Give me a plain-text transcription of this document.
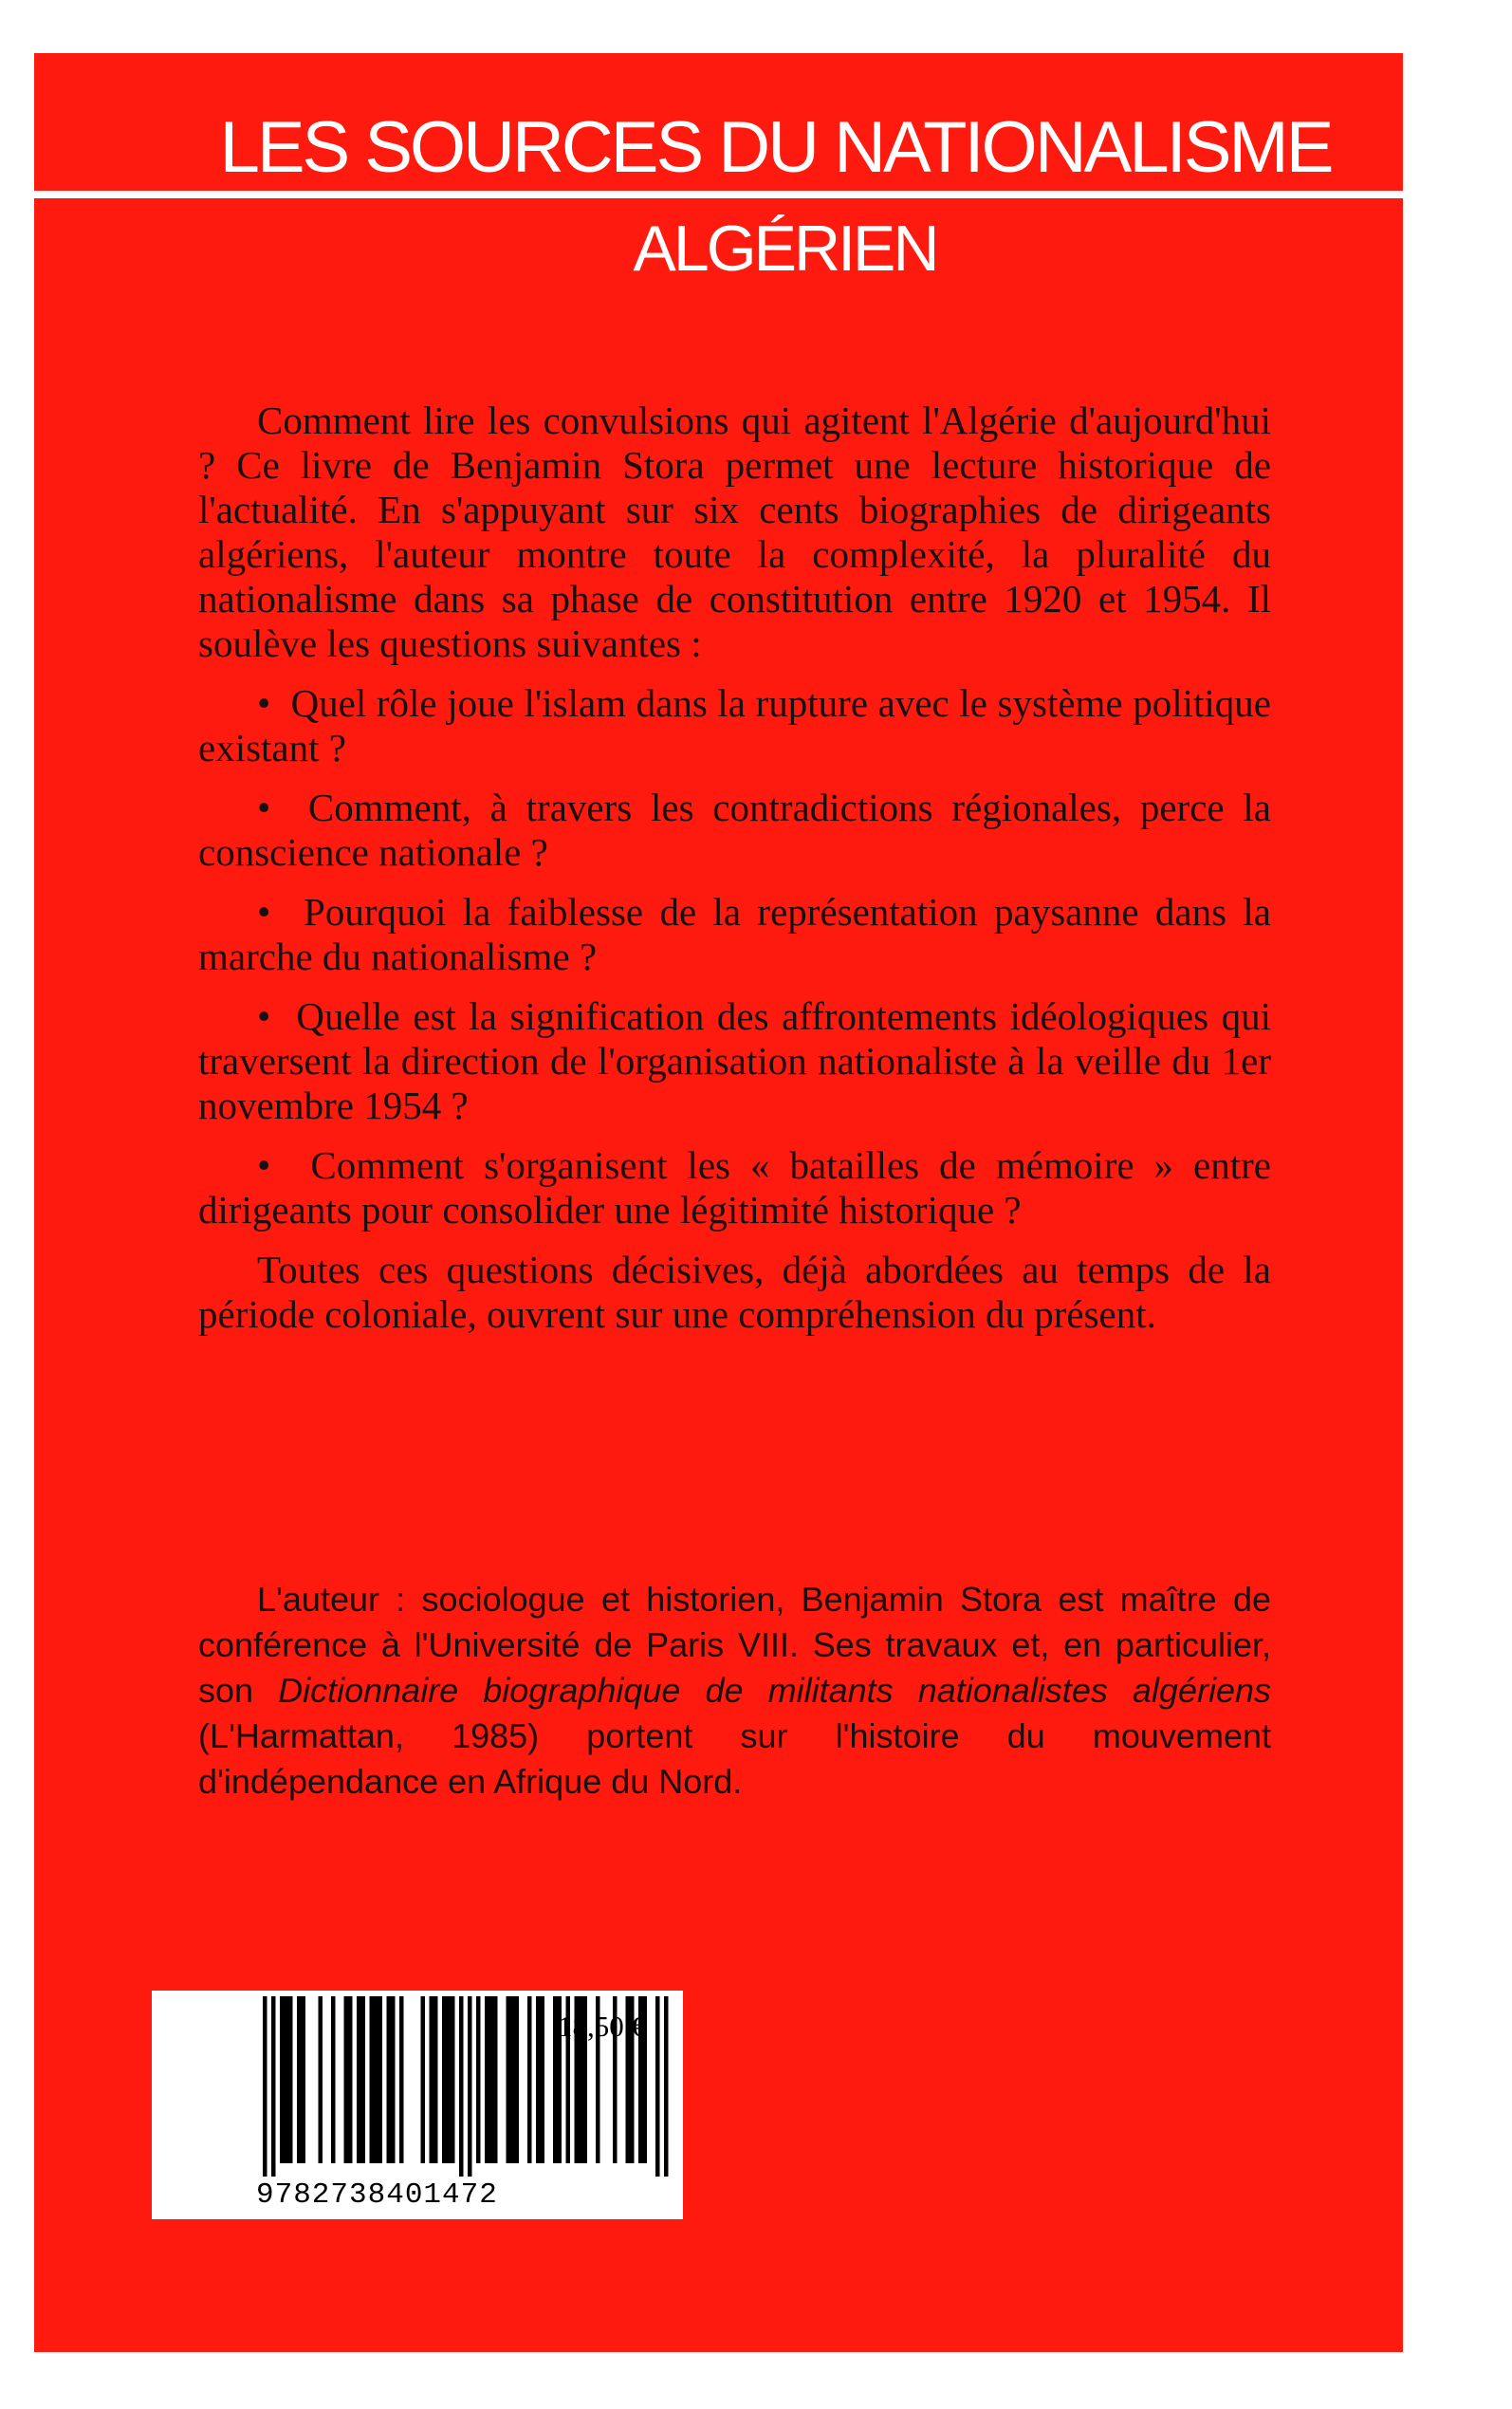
LES SOURCES DU NATIONALISME
ALGÉRIEN

Comment lire les convulsions qui agitent l'Algérie d'aujourd'hui ? Ce livre de Benjamin Stora permet une lecture historique de l'actualité. En s'appuyant sur six cents biographies de dirigeants algériens, l'auteur montre toute la complexité, la pluralité du nationalisme dans sa phase de constitution entre 1920 et 1954. Il soulève les questions suivantes :

•  Quel rôle joue l'islam dans la rupture avec le système politique existant ?

•  Comment, à travers les contradictions régionales, perce la conscience nationale ?

•  Pourquoi la faiblesse de la représentation paysanne dans la marche du nationalisme ?

•  Quelle est la signification des affrontements idéologiques qui traversent la direction de l'organisation nationaliste à la veille du 1er novembre 1954 ?

•  Comment s'organisent les « batailles de mémoire » entre dirigeants pour consolider une légitimité historique ?

Toutes ces questions décisives, déjà abordées au temps de la période coloniale, ouvrent sur une compréhension du présent.

L'auteur : sociologue et historien, Benjamin Stora est maître de conférence à l'Université de Paris VIII. Ses travaux et, en particulier, son Dictionnaire biographique de militants nationalistes algériens (L'Harmattan, 1985) portent sur l'histoire du mouvement d'indépendance en Afrique du Nord.

9782738401472
18,50 €
